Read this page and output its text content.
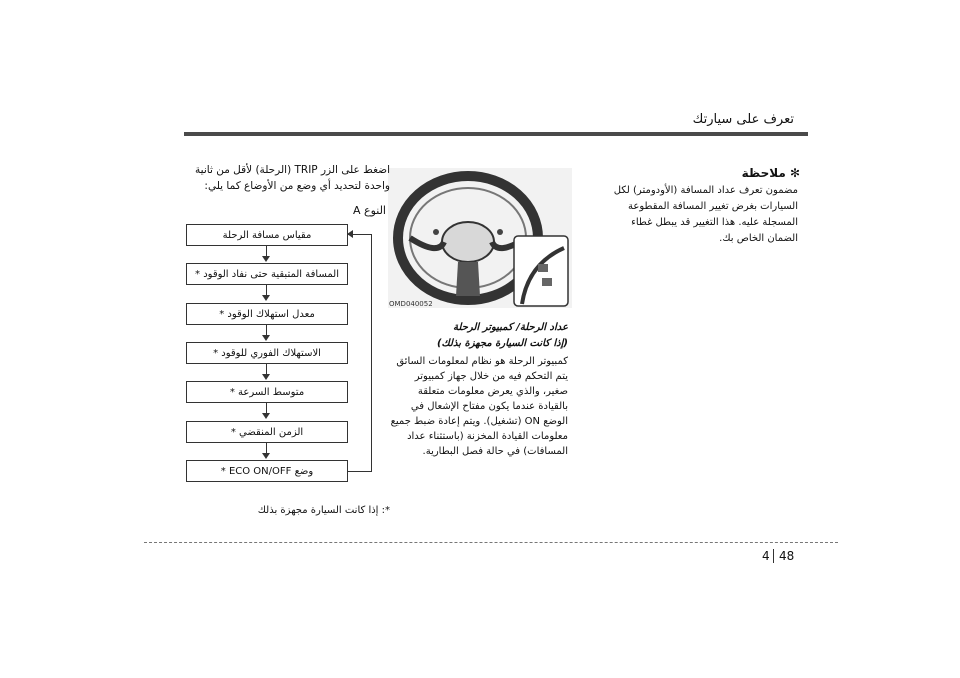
تعرف على سيارتك
✻ ملاحظة
مضمون تعرف عداد المسافة (الأودومتر) لكل السيارات بغرض تغيير المسافة المقطوعة المسجلة عليه. هذا التغيير قد يبطل غطاء الضمان الخاص بك.
OMD040052
عداد الرحلة/ كمبيوتر الرحلة
(إذا كانت السيارة مجهزة بذلك)
كمبيوتر الرحلة هو نظام لمعلومات السائق يتم التحكم فيه من خلال جهاز كمبيوتر صغير، والذي يعرض معلومات متعلقة بالقيادة عندما يكون مفتاح الإشعال في الوضع ON (تشغيل). ويتم إعادة ضبط جميع معلومات القيادة المخزنة (باستثناء عداد المسافات) في حالة فصل البطارية.
اضغط على الزر TRIP (الرحلة) لأقل من ثانية واحدة لتحديد أي وضع من الأوضاع كما يلي:
النوع A
مقياس مسافة الرحلة
المسافة المتبقية حتى نفاد الوقود *
معدل استهلاك الوقود *
الاستهلاك الفوري للوقود *
متوسط السرعة *
الزمن المنقضي *
وضع ECO ON/OFF *
*: إذا كانت السيارة مجهزة بذلك
4 48
